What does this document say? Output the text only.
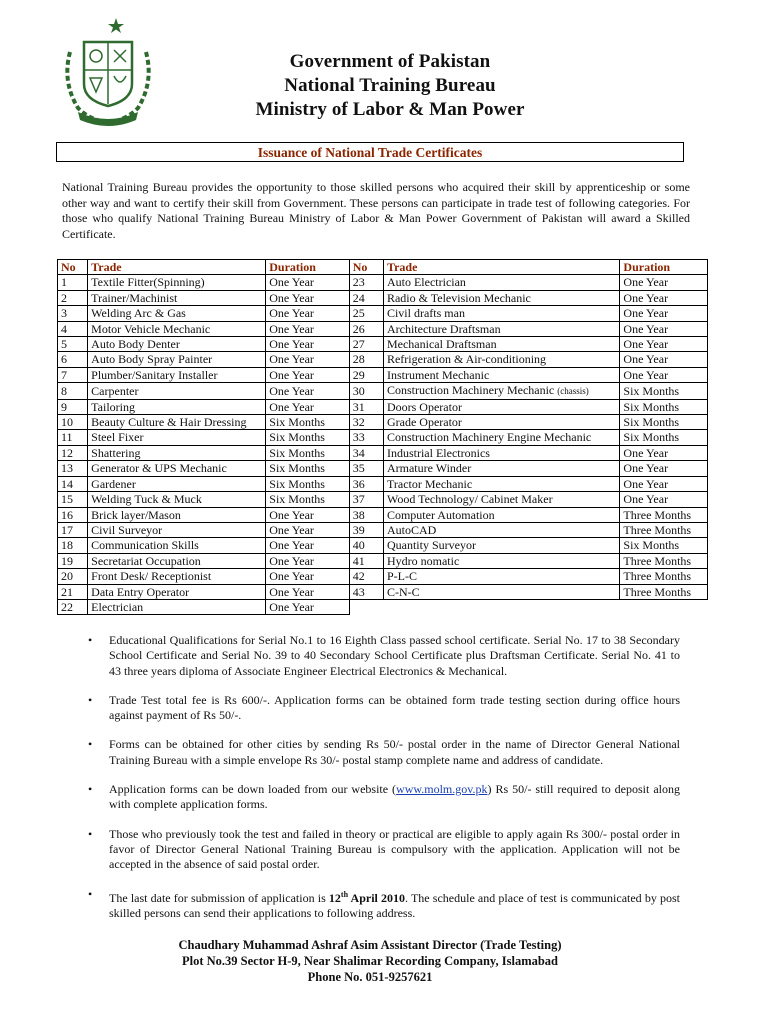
Government of Pakistan
National Training Bureau
Ministry of Labor & Man Power
Issuance of National Trade Certificates
National Training Bureau provides the opportunity to those skilled persons who acquired their skill by apprenticeship or some other way and want to certify their skill from Government. These persons can participate in trade test of following categories. For those who qualify National Training Bureau Ministry of Labor & Man Power Government of Pakistan will award a Skilled Certificate.
No	Trade	Duration	No	Trade	Duration
1	Textile Fitter(Spinning)	One Year	23	Auto Electrician	One Year
2	Trainer/Machinist	One Year	24	Radio & Television Mechanic	One Year
3	Welding Arc & Gas	One Year	25	Civil drafts man	One Year
4	Motor Vehicle Mechanic	One Year	26	Architecture Draftsman	One Year
5	Auto Body Denter	One Year	27	Mechanical Draftsman	One Year
6	Auto Body Spray Painter	One Year	28	Refrigeration & Air-conditioning	One Year
7	Plumber/Sanitary Installer	One Year	29	Instrument Mechanic	One Year
8	Carpenter	One Year	30	Construction Machinery Mechanic (chassis)	Six Months
9	Tailoring	One Year	31	Doors Operator	Six Months
10	Beauty Culture & Hair Dressing	Six Months	32	Grade Operator	Six Months
11	Steel Fixer	Six Months	33	Construction Machinery Engine Mechanic	Six Months
12	Shattering	Six Months	34	Industrial Electronics	One Year
13	Generator & UPS Mechanic	Six Months	35	Armature Winder	One Year
14	Gardener	Six Months	36	Tractor Mechanic	One Year
15	Welding Tuck & Muck	Six Months	37	Wood Technology/ Cabinet Maker	One Year
16	Brick layer/Mason	One Year	38	Computer Automation	Three Months
17	Civil Surveyor	One Year	39	AutoCAD	Three Months
18	Communication Skills	One Year	40	Quantity Surveyor	Six Months
19	Secretariat Occupation	One Year	41	Hydro nomatic	Three Months
20	Front Desk/ Receptionist	One Year	42	P-L-C	Three Months
21	Data Entry Operator	One Year	43	C-N-C	Three Months
22	Electrician	One Year			
• Educational Qualifications for Serial No.1 to 16 Eighth Class passed school certificate. Serial No. 17 to 38 Secondary School Certificate and Serial No. 39 to 40 Secondary School Certificate plus Draftsman Certificate. Serial No. 41 to 43 three years diploma of Associate Engineer Electrical Electronics & Mechanical.
• Trade Test total fee is Rs 600/-. Application forms can be obtained form trade testing section during office hours against payment of Rs 50/-.
• Forms can be obtained for other cities by sending Rs 50/- postal order in the name of Director General National Training Bureau with a simple envelope Rs 30/- postal stamp complete name and address of candidate.
• Application forms can be down loaded from our website (www.molm.gov.pk) Rs 50/- still required to deposit along with complete application forms.
• Those who previously took the test and failed in theory or practical are eligible to apply again Rs 300/- postal order in favor of Director General National Training Bureau is compulsory with the application. Application will not be accepted in the absence of said postal order.
• The last date for submission of application is 12th April 2010. The schedule and place of test is communicated by post skilled persons can send their applications to following address.
Chaudhary Muhammad Ashraf Asim Assistant Director (Trade Testing)
Plot No.39 Sector H-9, Near Shalimar Recording Company, Islamabad
Phone No. 051-9257621
